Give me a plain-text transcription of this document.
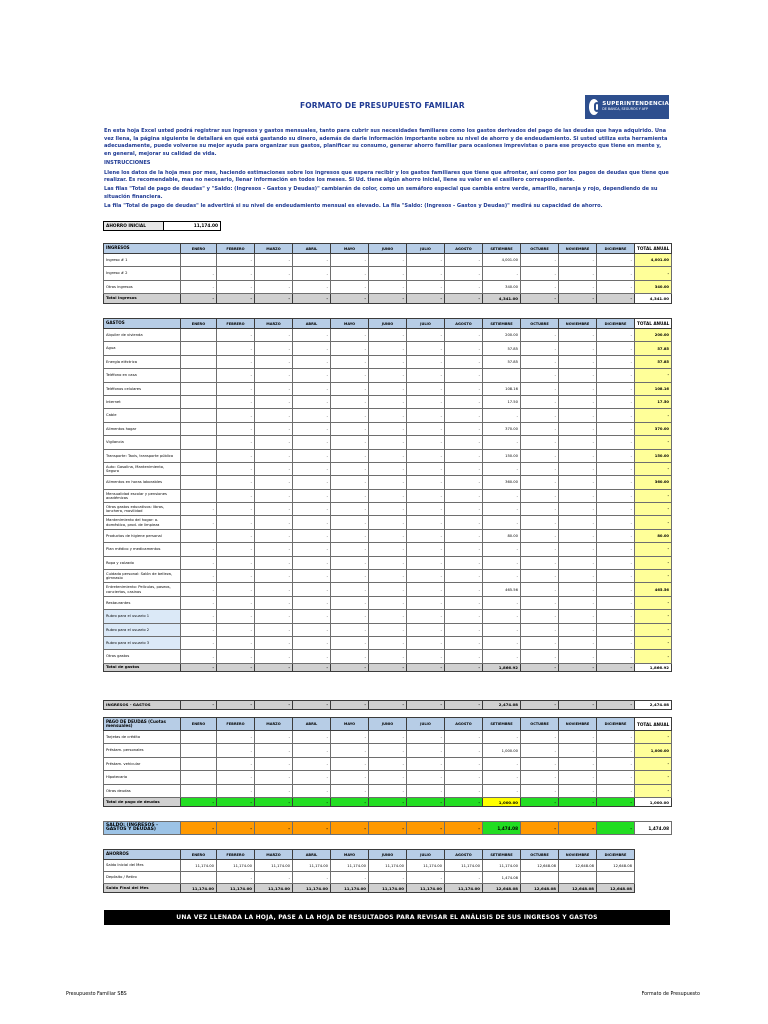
FORMATO DE PRESUPUESTO FAMILIAR	SUPERINTENDENCIA
DE BANCA, SEGUROS Y AFP

En esta hoja Excel usted podrá registrar sus ingresos y gastos mensuales, tanto para cubrir sus necesidades familiares como los gastos derivados del pago de las deudas que haya adquirido. Una vez llena, la página siguiente le detallará en qué está gastando su dinero, además de darle información importante sobre su nivel de ahorro y de endeudamiento. Si usted utiliza esta herramienta adecuadamente, puede volverse su mejor ayuda para organizar sus gastos, planificar su consumo, generar ahorro familiar para ocasiones imprevistas o para ese proyecto que tiene en mente y, en general, mejorar su calidad de vida.

INSTRUCCIONES

Llene los datos de la hoja mes por mes, haciendo estimaciones sobre los ingresos que espera recibir y los gastos familiares que tiene que afrontar, así como por los pagos de deudas que tiene que realizar. Es recomendable, mas no necesario, llenar información en todos los meses. Si Ud. tiene algún ahorro inicial, llene su valor en el casillero correspondiente.

Las filas "Total de pago de deudas" y "Saldo: (Ingresos - Gastos y Deudas)" cambiarán de color, como un semáforo especial que cambia entre verde, amarillo, naranja y rojo, dependiendo de su situación financiera.

La fila "Total de pago de deudas" le advertirá si su nivel de endeudamiento mensual es elevado. La fila "Saldo: (Ingresos - Gastos y Deudas)" medirá su capacidad de ahorro.

AHORRO INICIAL	11,174.00
INGRESOS	ENERO	FEBRERO	MARZO	ABRIL	MAYO	JUNIO	JULIO	AGOSTO	SETIEMBRE	OCTUBRE	NOVIEMBRE	DICIEMBRE	TOTAL ANUAL
Ingreso # 1		-	-	-	-	-	-	-	4,001.00	-	-	-	4,001.00
Ingreso # 2	-	-	-	-	-	-	-	-	-	-	-	-	-
Otros ingresos	-	-	-	-	-	-	-	-	340.00	-	-	-	340.00
Total ingresos	-	-	-	-	-	-	-	-	4,341.00	-	-	-	4,341.00
GASTOS	ENERO	FEBRERO	MARZO	ABRIL	MAYO	JUNIO	JULIO	AGOSTO	SETIEMBRE	OCTUBRE	NOVIEMBRE	DICIEMBRE	TOTAL ANUAL
Alquiler de vivienda		-	-	-	-	-	-	-	200.00	-	-	-	200.00
Agua		-	-	-	-	-	-	-	57.85	-	-	-	57.85
Energía eléctrica		-	-	-	-	-	-	-	57.85	-	-	-	57.85
Teléfono en casa		-	-	-	-	-	-	-		-	-	-	-
Teléfonos celulares		-	-	-	-	-	-	-	108.16	-	-	-	108.16
Internet		-	-	-	-	-	-	-	17.50	-	-	-	17.50
Cable		-	-	-	-	-	-	-	-	-	-	-	-
Alimentos hogar		-	-	-	-	-	-	-	370.00	-	-	-	370.00
Vigilancia		-	-	-	-	-	-	-	-	-	-	-	-
Transporte: Taxis, transporte público		-	-	-	-	-	-	-	150.00	-	-	-	150.00
Auto: Gasolina, Mantenimiento, Seguro		-	-	-	-	-	-	-	-	-	-	-	-
Alimentos en horas laborables		-	-	-	-	-	-	-	360.00	-	-	-	360.00
Mensualidad escolar y pensiones académicas		-	-	-	-	-	-	-	-	-	-	-	-
Otros gastos educativos: libros, lonchera, movilidad	-	-	-	-	-	-	-	-	-	-	-	-	-
Mantenimiento del hogar: o. doméstico, prod. de limpieza	-	-	-	-	-	-	-	-	-	-	-	-	-
Productos de higiene personal		-	-	-	-	-	-	-	80.00	-	-	-	80.00
Plan médico y medicamentos	-	-	-	-	-	-	-	-	-	-	-	-	-
Ropa y calzado	-	-	-	-	-	-	-	-	-	-	-	-	-
Cuidado personal: Salón de belleza, gimnasio	-	-	-	-	-	-	-	-	-	-	-	-	-
Entretenimiento: Películas, paseos, conciertos, casinos	-	-	-	-	-	-	-	-	465.56	-	-	-	465.56
Restaurantes	-	-	-	-	-	-	-	-	-	-	-	-	-
Rubro para el usuario 1	-	-	-	-	-	-	-	-	-	-	-	-	-
Rubro para el usuario 2	-	-	-	-	-	-	-	-	-	-	-	-	-
Rubro para el usuario 3	-	-	-	-	-	-	-	-	-	-	-	-	-
Otros gastos	-	-	-	-	-	-	-	-	-	-	-	-	-
Total de gastos	-	-	-	-	-	-	-	-	1,866.92	-	-	-	1,866.92
INGRESOS - GASTOS	-	-	-	-	-	-	-	-	2,474.08	-	-	-	2,474.08
PAGO DE DEUDAS (Cuotas mensuales)	ENERO	FEBRERO	MARZO	ABRIL	MAYO	JUNIO	JULIO	AGOSTO	SETIEMBRE	OCTUBRE	NOVIEMBRE	DICIEMBRE	TOTAL ANUAL
Tarjetas de crédito		-	-	-	-	-	-	-	-	-	-	-	-
Préstam. personales		-	-	-	-	-	-	-	1,000.00	-	-	-	1,000.00
Préstam. vehicular		-	-	-	-	-	-	-	-	-	-	-	-
Hipotecario		-	-	-	-	-	-	-	-	-	-	-	-
Otras deudas		-	-	-	-	-	-	-	-	-	-	-	-
Total de pago de deudas	-	-	-	-	-	-	-	-	1,000.00	-	-	-	1,000.00
SALDO: (INGRESOS - GASTOS Y DEUDAS)	-	-	-	-	-	-	-	-	1,474.08	-	-	-	1,474.08
AHORROS	ENERO	FEBRERO	MARZO	ABRIL	MAYO	JUNIO	JULIO	AGOSTO	SETIEMBRE	OCTUBRE	NOVIEMBRE	DICIEMBRE	
Saldo Inicial del Mes	11,174.00	11,174.00	11,174.00	11,174.00	11,174.00	11,174.00	11,174.00	11,174.00	11,174.00	12,648.08	12,648.08	12,648.08	
Depósito / Retiro		-	-	-	-	-	-	-	1,474.08				
Saldo Final del Mes	11,174.00	11,174.00	11,174.00	11,174.00	11,174.00	11,174.00	11,174.00	11,174.00	12,648.08	12,648.08	12,648.08	12,648.08	
UNA VEZ LLENADA LA HOJA, PASE A LA HOJA DE RESULTADOS PARA REVISAR EL ANÁLISIS DE SUS INGRESOS Y GASTOS
Presupuesto Familiar SBS	Formato de Presupuesto
